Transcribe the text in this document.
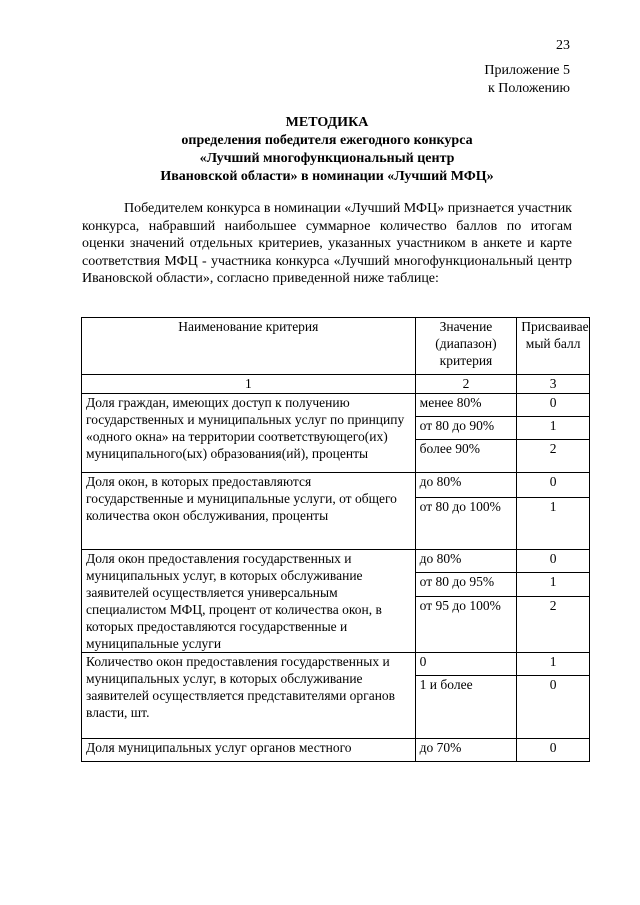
23
Приложение 5
к Положению
МЕТОДИКА
определения победителя ежегодного конкурса
«Лучший многофункциональный центр
Ивановской области» в номинации «Лучший МФЦ»

Победителем конкурса в номинации «Лучший МФЦ» признается участник конкурса, набравший наибольшее суммарное количество баллов по итогам оценки значений отдельных критериев, указанных участником в анкете и карте соответствия МФЦ - участника конкурса «Лучший многофункциональный центр Ивановской области», согласно приведенной ниже таблице:

Наименование критерия	Значение (диапазон) критерия	Присваивае мый балл
1	2	3
Доля граждан, имеющих доступ к получению государственных и муниципальных услуг по принципу «одного окна» на территории соответствующего(их) муниципального(ых) образования(ий), проценты	менее 80%	0
	от 80 до 90%	1
	более 90%	2
Доля окон, в которых предоставляются государственные и муниципальные услуги, от общего количества окон обслуживания, проценты	до 80%	0
	от 80 до 100%	1
Доля окон предоставления государственных и муниципальных услуг, в которых обслуживание заявителей осуществляется универсальным специалистом МФЦ, процент от количества окон, в которых предоставляются государственные и муниципальные услуги	до 80%	0
	от 80 до 95%	1
	от 95 до 100%	2
Количество окон предоставления государственных и муниципальных услуг, в которых обслуживание заявителей осуществляется представителями органов власти, шт.	0	1
	1 и более	0
Доля муниципальных услуг органов местного	до 70%	0
